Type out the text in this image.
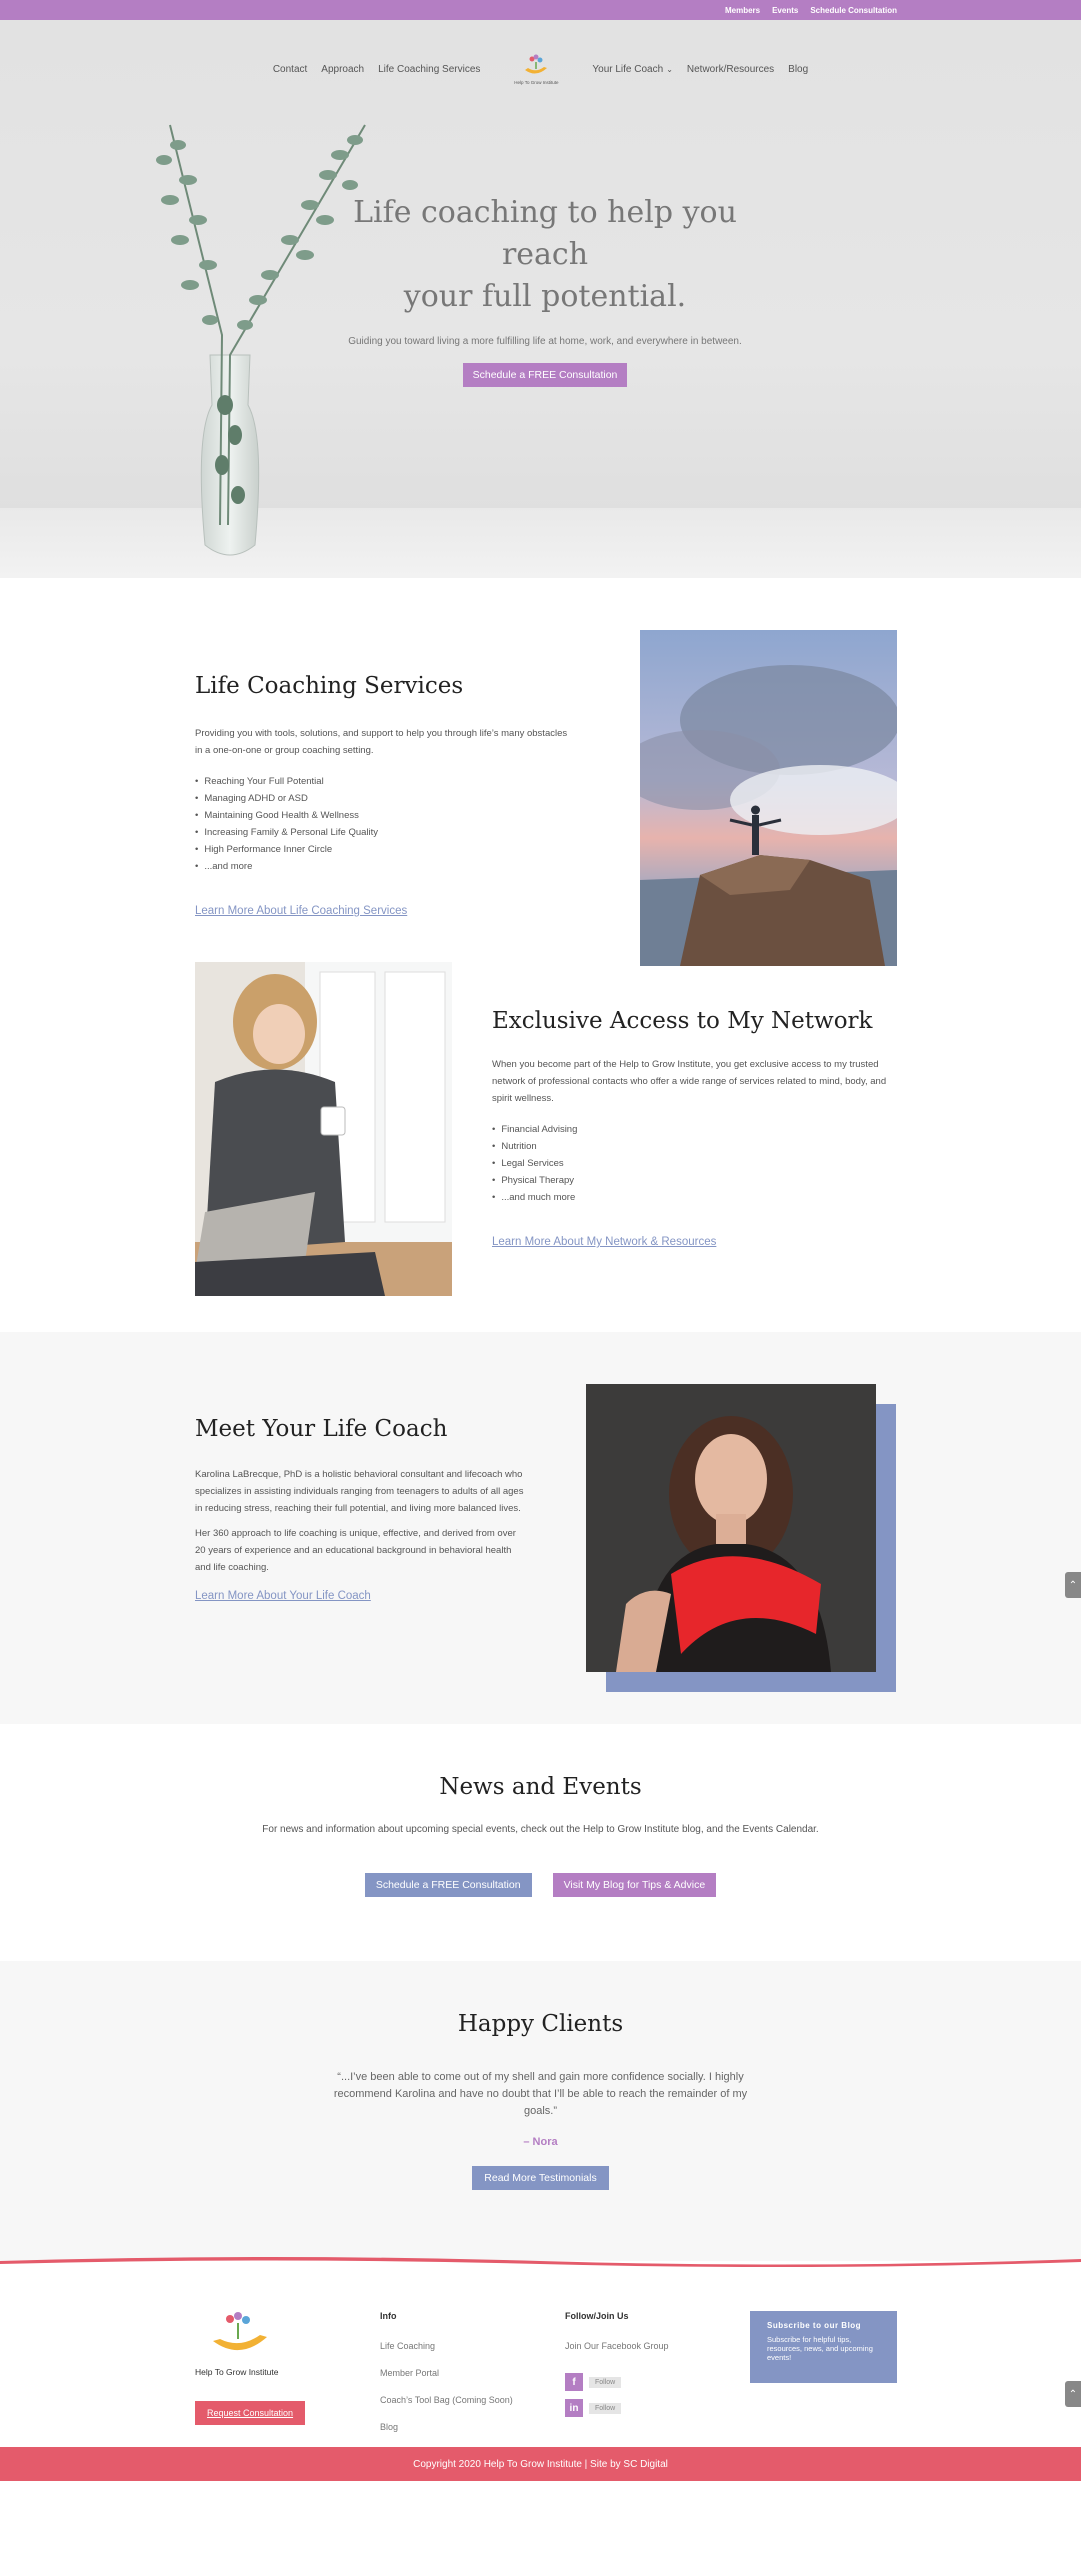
Members Events Schedule Consultation
Contact Approach Life Coaching Services
Help To Grow Institute
Your Life Coach ⌄ Network/Resources Blog
Life coaching to help you reach
your full potential.

Guiding you toward living a more fulfilling life at home, work, and everywhere in between.

Schedule a FREE Consultation
Life Coaching Services

Providing you with tools, solutions, and support to help you through life’s many obstacles in a one-on-one or group coaching setting.

• Reaching Your Full Potential
• Managing ADHD or ASD
• Maintaining Good Health & Wellness
• Increasing Family & Personal Life Quality
• High Performance Inner Circle
• ...and more
Learn More About Life Coaching Services
Exclusive Access to My Network

When you become part of the Help to Grow Institute, you get exclusive access to my trusted network of professional contacts who offer a wide range of services related to mind, body, and spirit wellness.

• Financial Advising
• Nutrition
• Legal Services
• Physical Therapy
• ...and much more
Learn More About My Network & Resources
Meet Your Life Coach

Karolina LaBrecque, PhD is a holistic behavioral consultant and lifecoach who specializes in assisting individuals ranging from teenagers to adults of all ages in reducing stress, reaching their full potential, and living more balanced lives.

Her 360 approach to life coaching is unique, effective, and derived from over 20 years of experience and an educational background in behavioral health and life coaching.

Learn More About Your Life Coach
⌃
News and Events

For news and information about upcoming special events, check out the Help to Grow Institute blog, and the Events Calendar.

Schedule a FREE Consultation	Visit My Blog for Tips & Advice
Happy Clients

“...I’ve been able to come out of my shell and gain more confidence socially. I highly recommend Karolina and have no doubt that I’ll be able to reach the remainder of my goals.”

– Nora

Read More Testimonials
Help To Grow Institute
Request Consultation
Info
Life Coaching
Member Portal
Coach’s Tool Bag (Coming Soon)
Blog
Follow/Join Us
Join Our Facebook Group
f	Follow
in	Follow
Subscribe to our Blog

Subscribe for helpful tips, resources, news, and upcoming events!

⌃
Copyright 2020 Help To Grow Institute | Site by SC Digital
